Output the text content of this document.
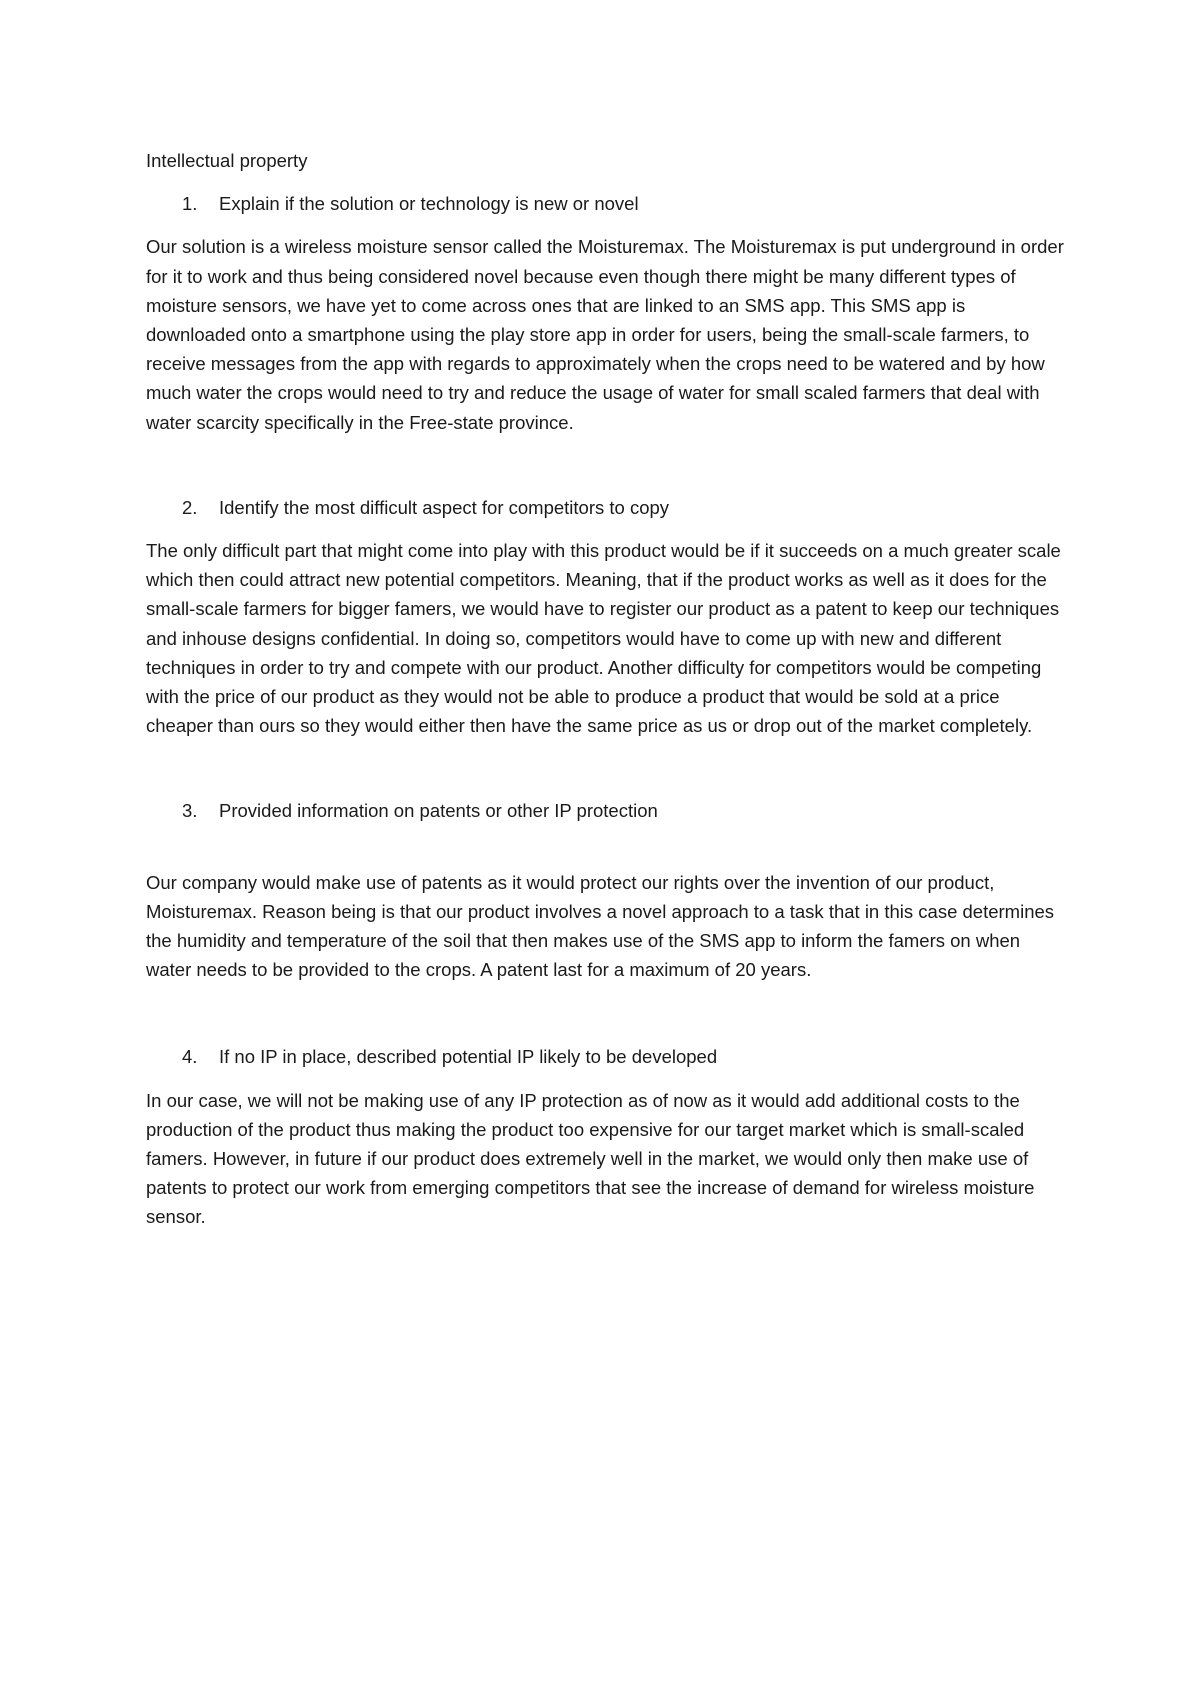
Intellectual property

1.	Explain if the solution or technology is new or novel

Our solution is a wireless moisture sensor called the Moisturemax. The Moisturemax is put underground in order for it to work and thus being considered novel because even though there might be many different types of moisture sensors, we have yet to come across ones that are linked to an SMS app. This SMS app is downloaded onto a smartphone using the play store app in order for users, being the small-scale farmers, to receive messages from the app with regards to approximately when the crops need to be watered and by how much water the crops would need to try and reduce the usage of water for small scaled farmers that deal with water scarcity specifically in the Free-state province.

2.	Identify the most difficult aspect for competitors to copy

The only difficult part that might come into play with this product would be if it succeeds on a much greater scale which then could attract new potential competitors. Meaning, that if the product works as well as it does for the small-scale farmers for bigger famers, we would have to register our product as a patent to keep our techniques and inhouse designs confidential. In doing so, competitors would have to come up with new and different techniques in order to try and compete with our product. Another difficulty for competitors would be competing with the price of our product as they would not be able to produce a product that would be sold at a price cheaper than ours so they would either then have the same price as us or drop out of the market completely.

3.	Provided information on patents or other IP protection

Our company would make use of patents as it would protect our rights over the invention of our product, Moisturemax. Reason being is that our product involves a novel approach to a task that in this case determines the humidity and temperature of the soil that then makes use of the SMS app to inform the famers on when water needs to be provided to the crops. A patent last for a maximum of 20 years.

4.	If no IP in place, described potential IP likely to be developed

In our case, we will not be making use of any IP protection as of now as it would add additional costs to the production of the product thus making the product too expensive for our target market which is small-scaled famers. However, in future if our product does extremely well in the market, we would only then make use of patents to protect our work from emerging competitors that see the increase of demand for wireless moisture sensor.
